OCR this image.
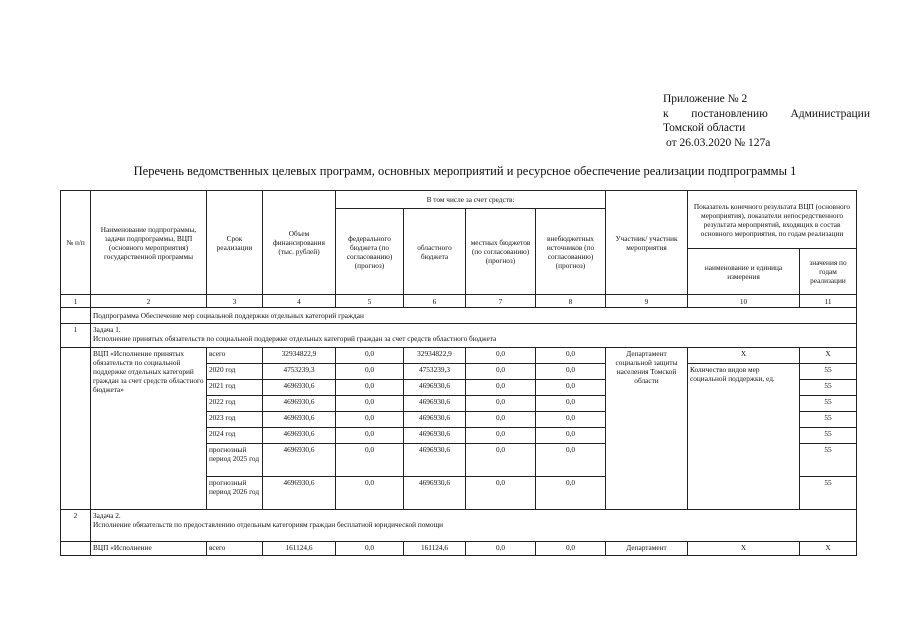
Приложение № 2
к постановлению Администрации
Томской области
от 26.03.2020 № 127а
Перечень ведомственных целевых программ, основных мероприятий и ресурсное обеспечение реализации подпрограммы 1
№ п/п	Наименование подпрограммы, задачи подпрограммы, ВЦП (основного мероприятия) государственной программы	Срок реализации	Объем финансирования (тыс. рублей)	В том числе за счет средств:				Участник/ участник мероприятия	Показатель конечного результата ВЦП (основного мероприятия), показатели непосредственного результата мероприятий, входящих в состав основного мероприятия, по годам реализации	
				федерального бюджета (по согласованию) (прогноз)	областного бюджета	местных бюджетов (по согласованию) (прогноз)	внебюджетных источников (по согласованию) (прогноз)			
									наименование и единица измерения	значения по годам реализации
1	2	3	4	5	6	7	8	9	10	11
	Подпрограмма Обеспечение мер социальной поддержки отдельных категорий граждан									
1	Задача 1.
Исполнение принятых обязательств по социальной поддержке отдельных категорий граждан за счет средств областного бюджета									

	ВЦП «Исполнение принятых обязательств по социальной поддержке отдельных категорий граждан за счет средств областного бюджета»	всего	32934822,9	0,0	32934822,9	0,0	0,0	Департамент социальной защиты населения Томской области	Х	Х
		2020 год	4753239,3	0,0	4753239,3	0,0	0,0		Количество видов мер социальной поддержки, ед.	55
		2021 год	4696930,6	0,0	4696930,6	0,0	0,0			55
		2022 год	4696930,6	0,0	4696930,6	0,0	0,0			55
		2023 год	4696930,6	0,0	4696930,6	0,0	0,0			55
		2024 год	4696930,6	0,0	4696930,6	0,0	0,0			55
		прогнозный период 2025 год	4696930,6	0,0	4696930,6	0,0	0,0			55
		прогнозный период 2026 год	4696930,6	0,0	4696930,6	0,0	0,0			55
2	Задача 2.
Исполнение обязательств по предоставлению отдельным категориям граждан бесплатной юридической помощи									

	ВЦП «Исполнение	всего	161124,6	0,0	161124,6	0,0	0,0	Департамент	Х	Х
